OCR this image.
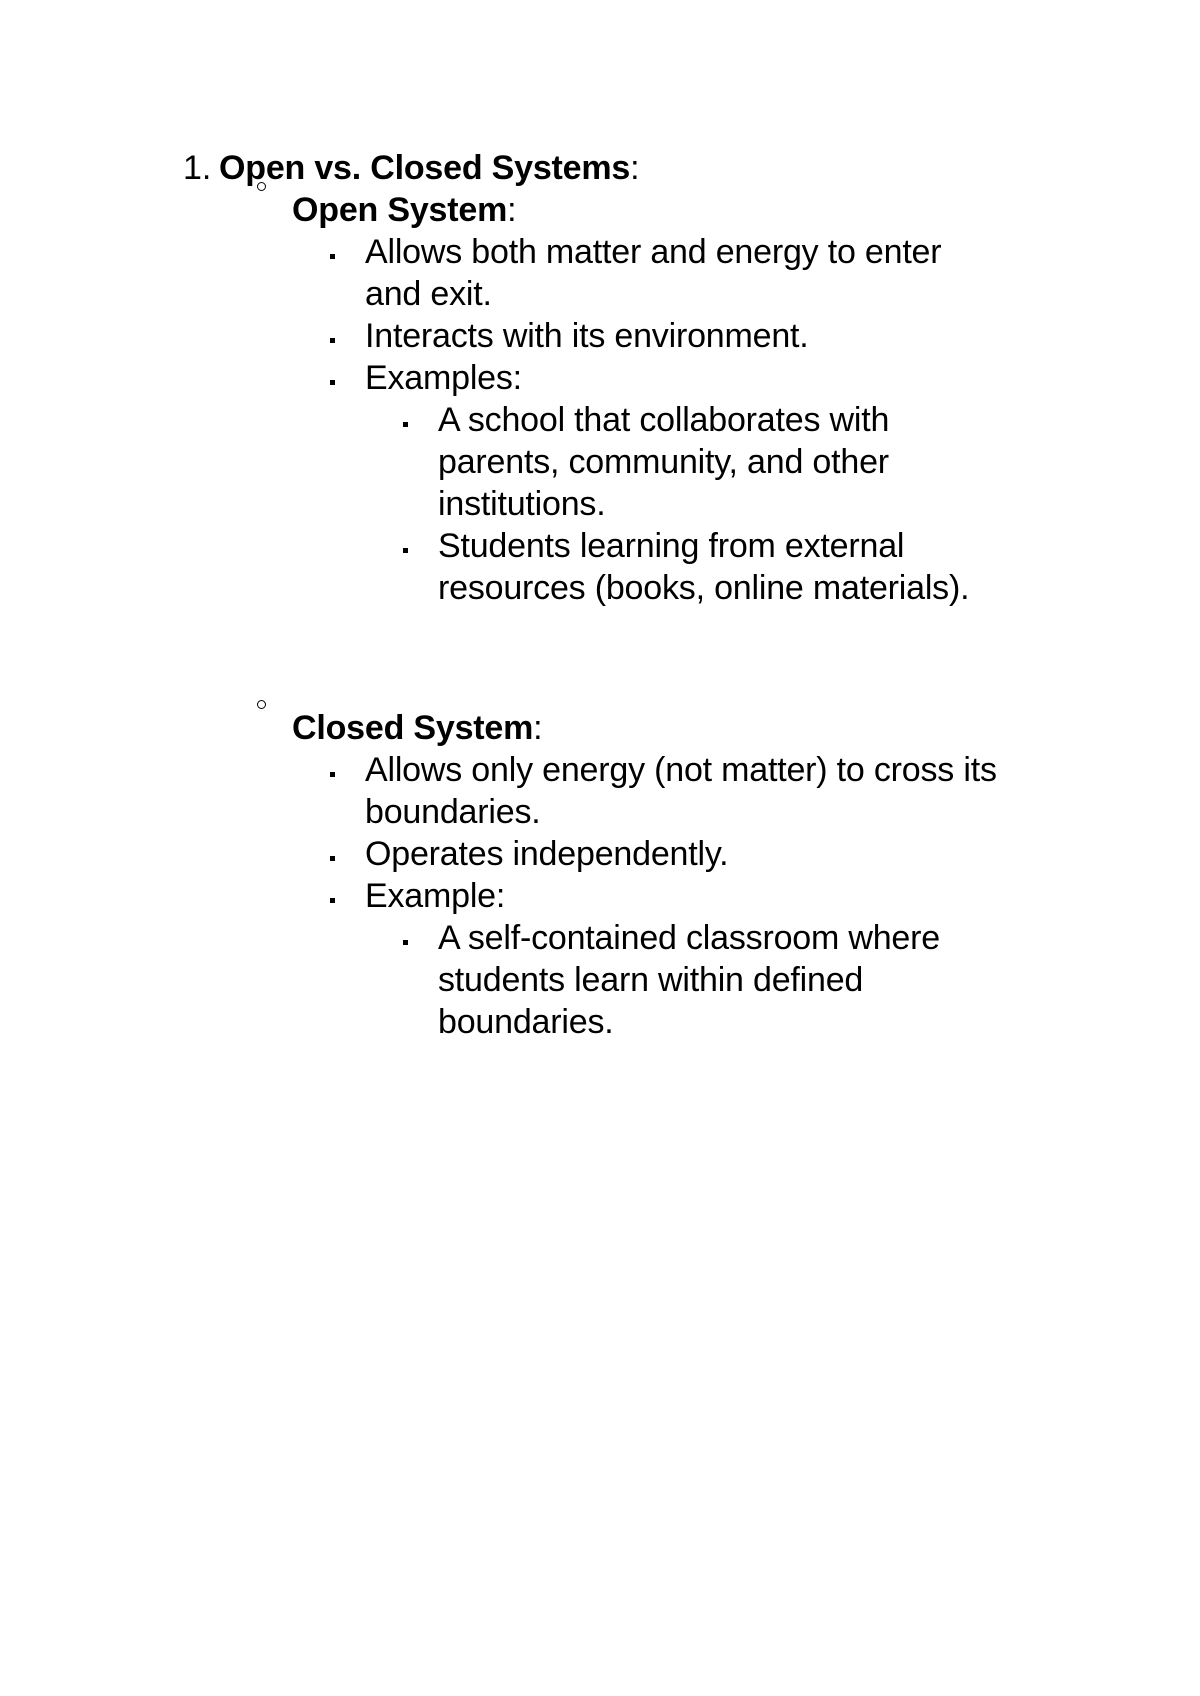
1. Open vs. Closed Systems:
Open System:
Allows both matter and energy to enter
and exit.
Interacts with its environment.
Examples:
A school that collaborates with
parents, community, and other
institutions.
Students learning from external
resources (books, online materials).
Closed System:
Allows only energy (not matter) to cross its
boundaries.
Operates independently.
Example:
A self-contained classroom where
students learn within defined
boundaries.
